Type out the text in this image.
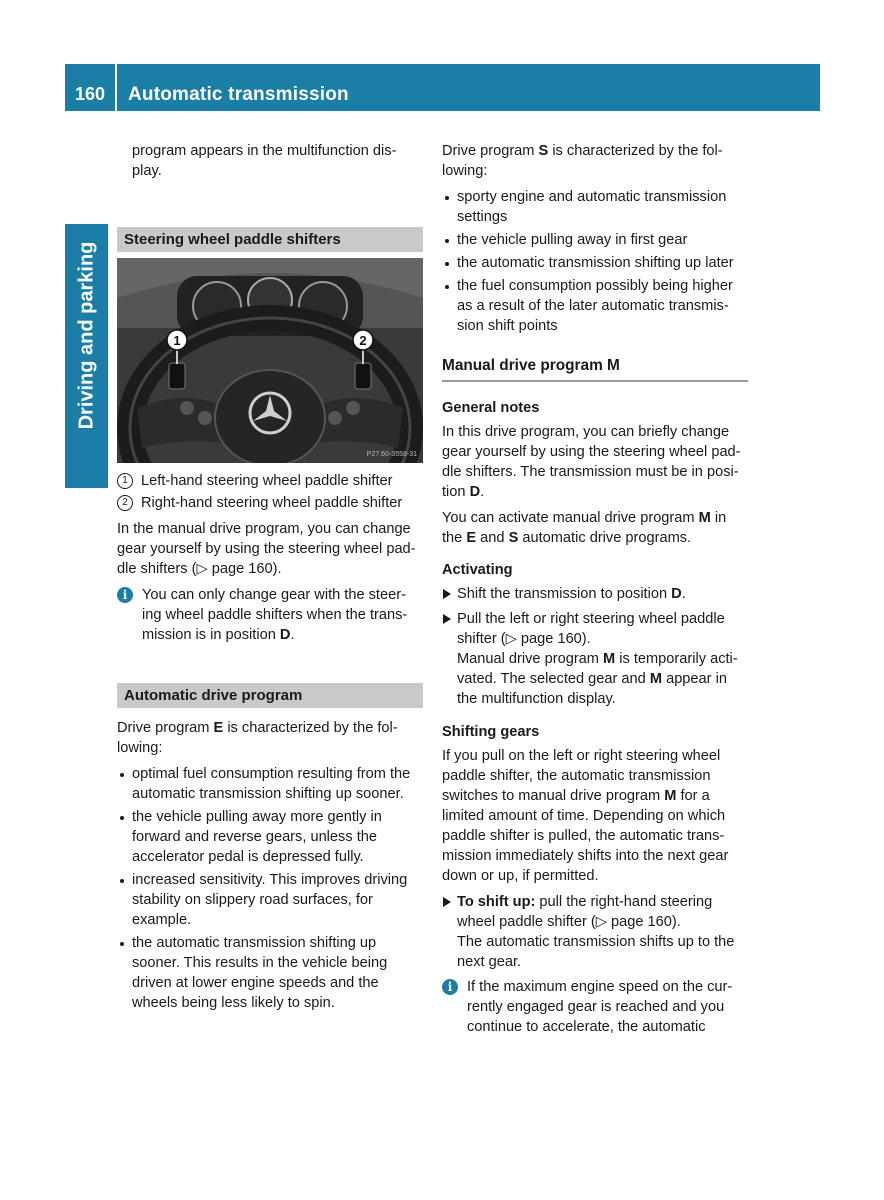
160	Automatic transmission
Driving and parking

program appears in the multifunction dis-play.

Steering wheel paddle shifters
1	2
P27.60-3558-31
1 Left-hand steering wheel paddle shifter
2 Right-hand steering wheel paddle shifter

In the manual drive program, you can change gear yourself by using the steering wheel pad-dle shifters (▷ page 160).

i	You can only change gear with the steer-ing wheel paddle shifters when the trans-mission is in position D.
Automatic drive program

Drive program E is characterized by the fol-lowing:

optimal fuel consumption resulting from the automatic transmission shifting up sooner.
the vehicle pulling away more gently in forward and reverse gears, unless the accelerator pedal is depressed fully.
increased sensitivity. This improves driving stability on slippery road surfaces, for example.
the automatic transmission shifting up sooner. This results in the vehicle being driven at lower engine speeds and the wheels being less likely to spin.

Drive program S is characterized by the fol-lowing:

sporty engine and automatic transmission settings
the vehicle pulling away in first gear
the automatic transmission shifting up later
the fuel consumption possibly being higher as a result of the later automatic transmis-sion shift points
Manual drive program M
General notes

In this drive program, you can briefly change gear yourself by using the steering wheel pad-dle shifters. The transmission must be in posi-tion D.

You can activate manual drive program M in the E and S automatic drive programs.

Activating
Shift the transmission to position D.
Pull the left or right steering wheel paddle shifter (▷ page 160).
Manual drive program M is temporarily acti-vated. The selected gear and M appear in the multifunction display.
Shifting gears

If you pull on the left or right steering wheel paddle shifter, the automatic transmission switches to manual drive program M for a limited amount of time. Depending on which paddle shifter is pulled, the automatic trans-mission immediately shifts into the next gear down or up, if permitted.

To shift up: pull the right-hand steering wheel paddle shifter (▷ page 160).
The automatic transmission shifts up to the next gear.
i	If the maximum engine speed on the cur-rently engaged gear is reached and you continue to accelerate, the automatic
